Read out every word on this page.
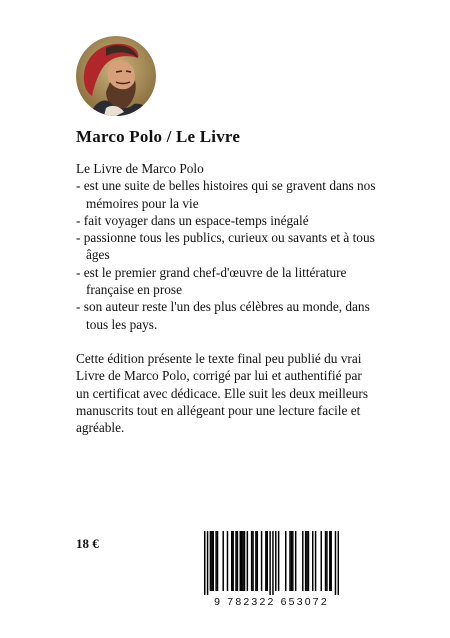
Marco Polo / Le Livre

Le Livre de Marco Polo

- est une suite de belles histoires qui se gravent dans nos mémoires pour la vie
- fait voyager dans un espace-temps inégalé
- passionne tous les publics, curieux ou savants et à tous âges
- est le premier grand chef-d'œuvre de la littérature française en prose
- son auteur reste l'un des plus célèbres au monde, dans tous les pays.

Cette édition présente le texte final peu publié du vrai Livre de Marco Polo, corrigé par lui et authentifié par un certificat avec dédicace. Elle suit les deux meilleurs manuscrits tout en allégeant pour une lecture facile et agréable.

18 €
9 782322 653072
